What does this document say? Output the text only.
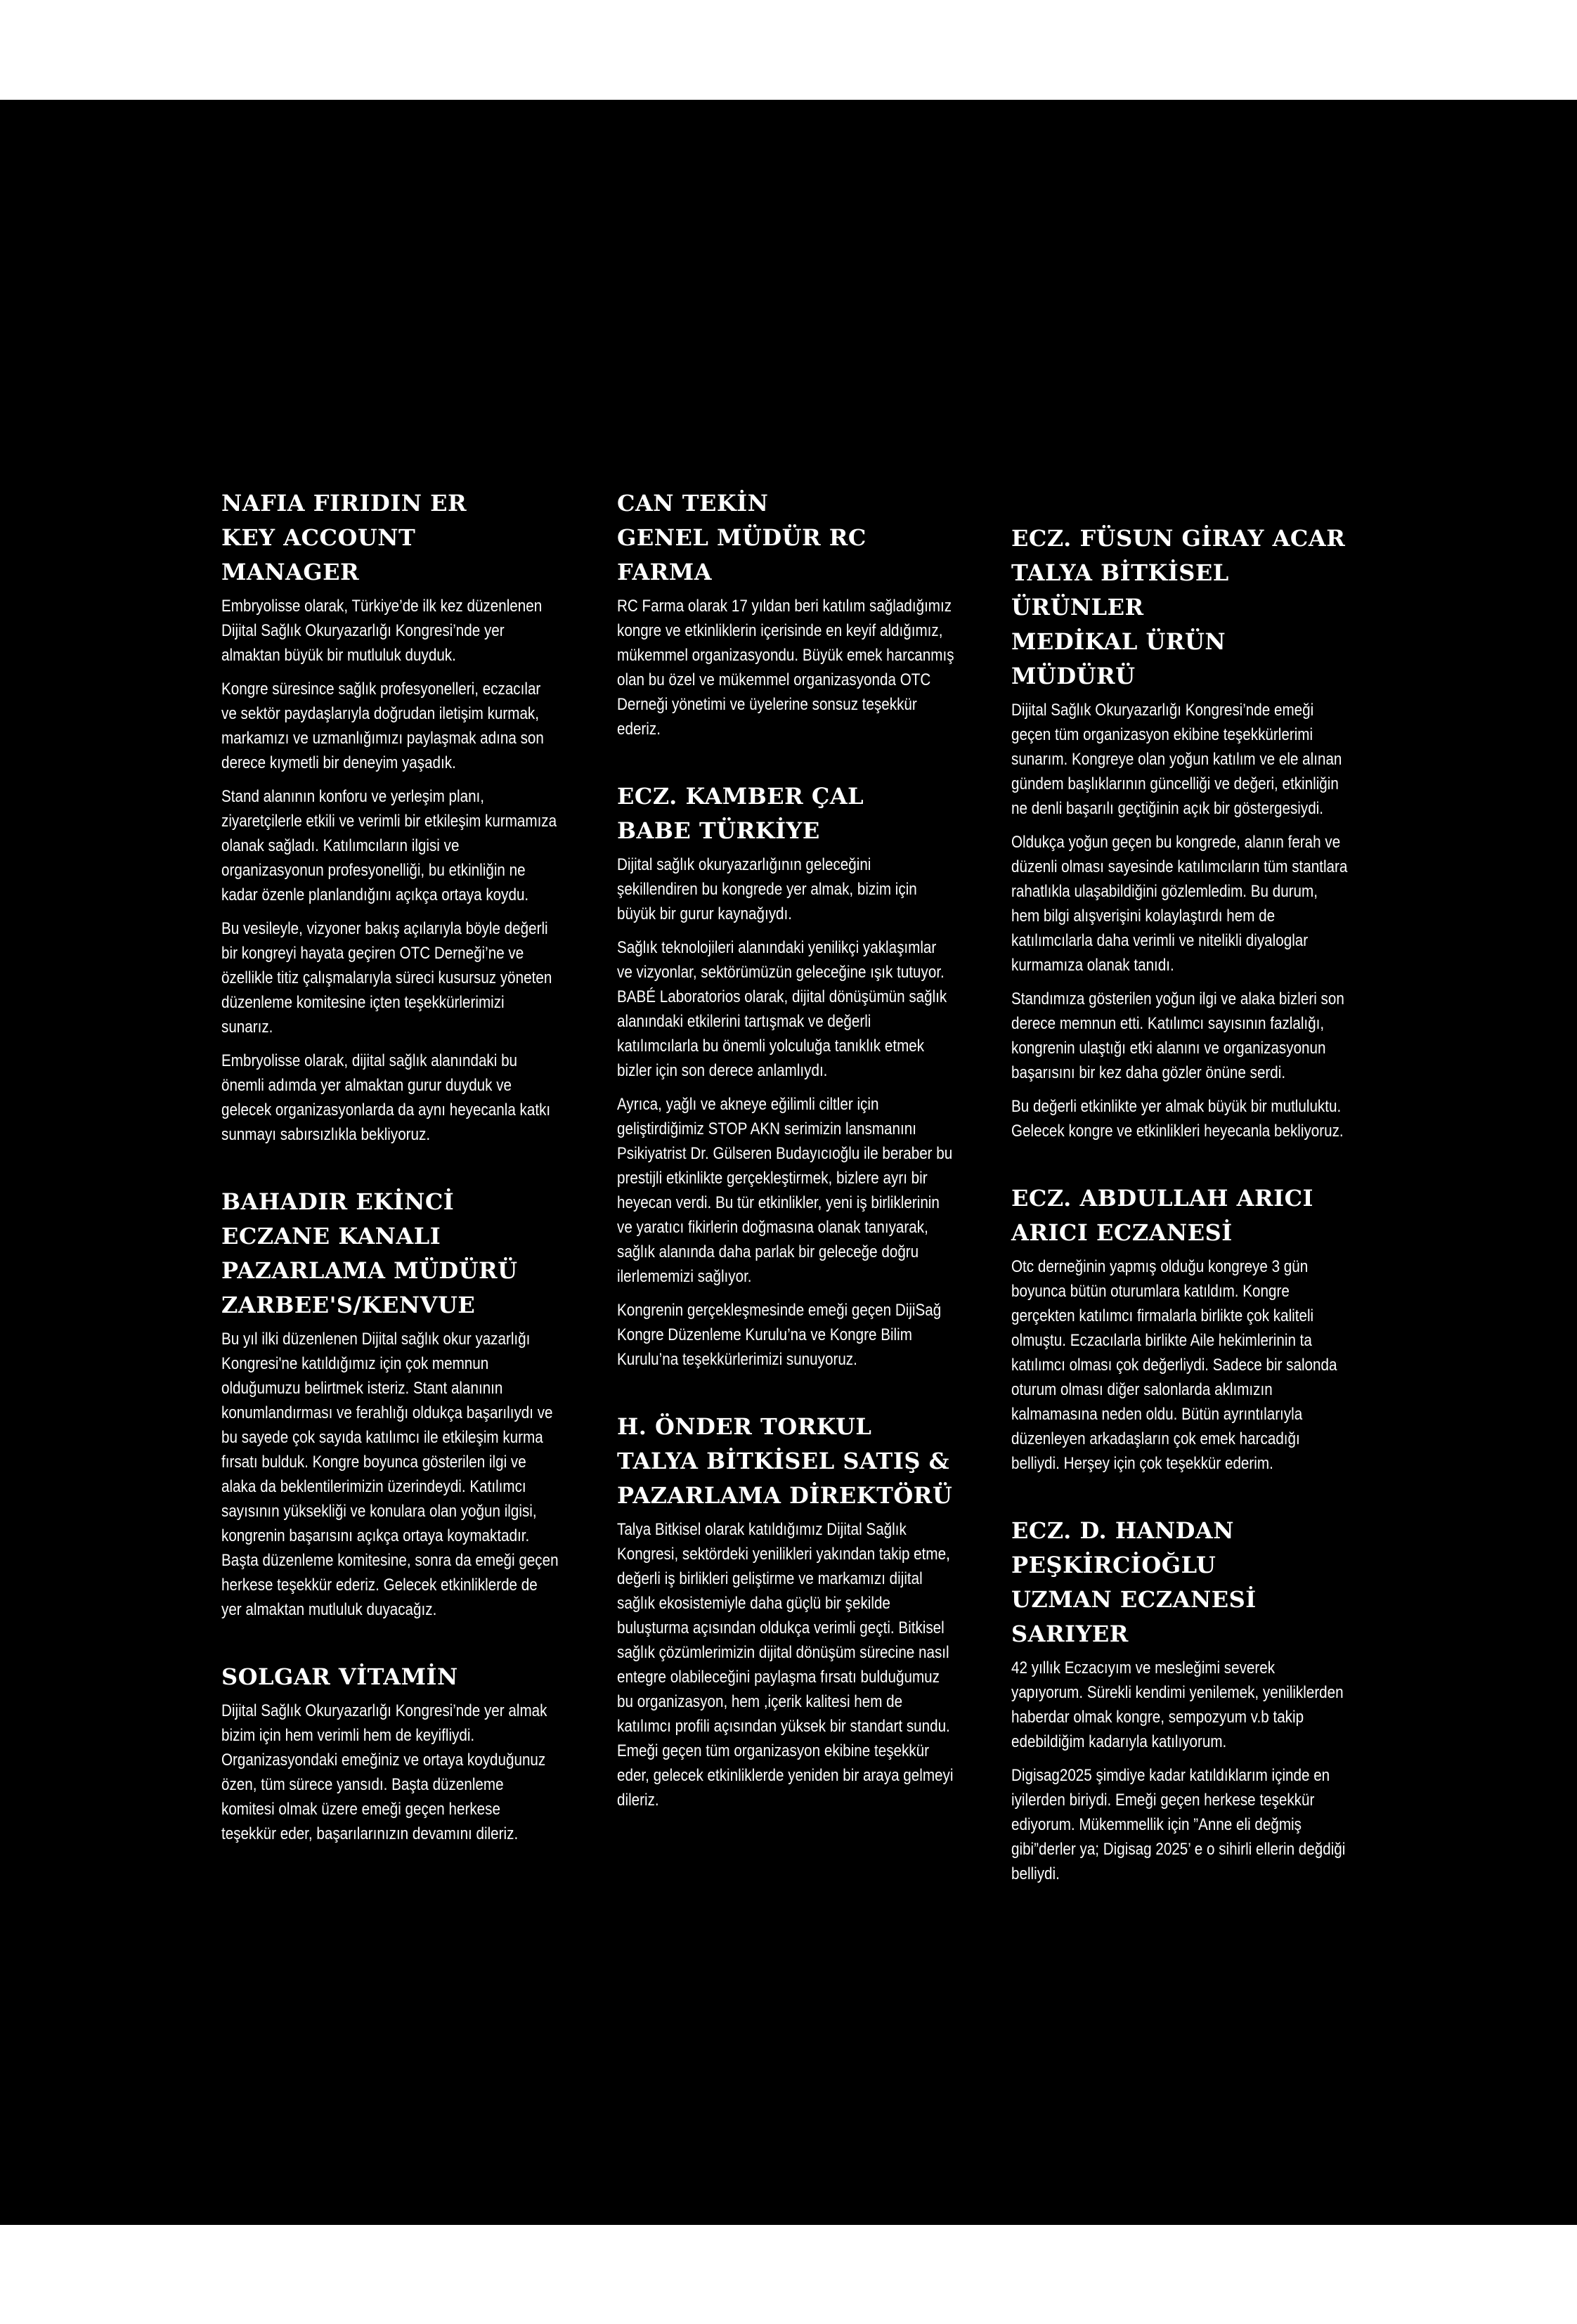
NAFIA FIRIDIN ER
KEY ACCOUNT MANAGER

Embryolisse olarak, Türkiye’de ilk kez düzenlenen Dijital Sağlık Okuryazarlığı Kongresi’nde yer almaktan büyük bir mutluluk duyduk.

Kongre süresince sağlık profesyonelleri, eczacılar ve sektör paydaşlarıyla doğrudan iletişim kurmak, markamızı ve uzmanlığımızı paylaşmak adına son derece kıymetli bir deneyim yaşadık.

Stand alanının konforu ve yerleşim planı, ziyaretçilerle etkili ve verimli bir etkileşim kurmamıza olanak sağladı. Katılımcıların ilgisi ve organizasyonun profesyonelliği, bu etkinliğin ne kadar özenle planlandığını açıkça ortaya koydu.

Bu vesileyle, vizyoner bakış açılarıyla böyle değerli bir kongreyi hayata geçiren OTC Derneği’ne ve özellikle titiz çalışmalarıyla süreci kusursuz yöneten düzenleme komitesine içten teşekkürlerimizi sunarız.

Embryolisse olarak, dijital sağlık alanındaki bu önemli adımda yer almaktan gurur duyduk ve gelecek organizasyonlarda da aynı heyecanla katkı sunmayı sabırsızlıkla bekliyoruz.

BAHADIR EKİNCİ
ECZANE KANALI
PAZARLAMA MÜDÜRÜ
ZARBEE'S/KENVUE

Bu yıl ilki düzenlenen Dijital sağlık okur yazarlığı Kongresi'ne katıldığımız için çok memnun olduğumuzu belirtmek isteriz. Stant alanının konumlandırması ve ferahlığı oldukça başarılıydı ve bu sayede çok sayıda katılımcı ile etkileşim kurma fırsatı bulduk. Kongre boyunca gösterilen ilgi ve alaka da beklentilerimizin üzerindeydi. Katılımcı sayısının yüksekliği ve konulara olan yoğun ilgisi, kongrenin başarısını açıkça ortaya koymaktadır. Başta düzenleme komitesine, sonra da emeği geçen herkese teşekkür ederiz. Gelecek etkinliklerde de yer almaktan mutluluk duyacağız.

SOLGAR VİTAMİN

Dijital Sağlık Okuryazarlığı Kongresi’nde yer almak bizim için hem verimli hem de keyifliydi. Organizasyondaki emeğiniz ve ortaya koyduğunuz özen, tüm sürece yansıdı. Başta düzenleme komitesi olmak üzere emeği geçen herkese teşekkür eder, başarılarınızın devamını dileriz.

CAN TEKİN
GENEL MÜDÜR RC
FARMA

RC Farma olarak 17 yıldan beri katılım sağladığımız kongre ve etkinliklerin içerisinde en keyif aldığımız, mükemmel organizasyondu. Büyük emek harcanmış olan bu özel ve mükemmel organizasyonda OTC Derneği yönetimi ve üyelerine sonsuz teşekkür ederiz.

ECZ. KAMBER ÇAL
BABE TÜRKİYE

Dijital sağlık okuryazarlığının geleceğini şekillendiren bu kongrede yer almak, bizim için büyük bir gurur kaynağıydı.

Sağlık teknolojileri alanındaki yenilikçi yaklaşımlar ve vizyonlar, sektörümüzün geleceğine ışık tutuyor. BABÉ Laboratorios olarak, dijital dönüşümün sağlık alanındaki etkilerini tartışmak ve değerli katılımcılarla bu önemli yolculuğa tanıklık etmek bizler için son derece anlamlıydı.

Ayrıca, yağlı ve akneye eğilimli ciltler için geliştirdiğimiz STOP AKN serimizin lansmanını Psikiyatrist Dr. Gülseren Budayıcıoğlu ile beraber bu prestijli etkinlikte gerçekleştirmek, bizlere ayrı bir heyecan verdi. Bu tür etkinlikler, yeni iş birliklerinin ve yaratıcı fikirlerin doğmasına olanak tanıyarak, sağlık alanında daha parlak bir geleceğe doğru ilerlememizi sağlıyor.

Kongrenin gerçekleşmesinde emeği geçen DijiSağ Kongre Düzenleme Kurulu’na ve Kongre Bilim Kurulu’na teşekkürlerimizi sunuyoruz.

H. ÖNDER TORKUL
TALYA BİTKİSEL SATIŞ &
PAZARLAMA DİREKTÖRÜ

Talya Bitkisel olarak katıldığımız Dijital Sağlık Kongresi, sektördeki yenilikleri yakından takip etme, değerli iş birlikleri geliştirme ve markamızı dijital sağlık ekosistemiyle daha güçlü bir şekilde buluşturma açısından oldukça verimli geçti. Bitkisel sağlık çözümlerimizin dijital dönüşüm sürecine nasıl entegre olabileceğini paylaşma fırsatı bulduğumuz bu organizasyon, hem ,içerik kalitesi hem de katılımcı profili açısından yüksek bir standart sundu. Emeği geçen tüm organizasyon ekibine teşekkür eder, gelecek etkinliklerde yeniden bir araya gelmeyi dileriz.

ECZ. FÜSUN GİRAY ACAR
TALYA BİTKİSEL ÜRÜNLER
MEDİKAL ÜRÜN MÜDÜRÜ

Dijital Sağlık Okuryazarlığı Kongresi’nde emeği geçen tüm organizasyon ekibine teşekkürlerimi sunarım. Kongreye olan yoğun katılım ve ele alınan gündem başlıklarının güncelliği ve değeri, etkinliğin ne denli başarılı geçtiğinin açık bir göstergesiydi.

Oldukça yoğun geçen bu kongrede, alanın ferah ve düzenli olması sayesinde katılımcıların tüm stantlara rahatlıkla ulaşabildiğini gözlemledim. Bu durum, hem bilgi alışverişini kolaylaştırdı hem de katılımcılarla daha verimli ve nitelikli diyaloglar kurmamıza olanak tanıdı.

Standımıza gösterilen yoğun ilgi ve alaka bizleri son derece memnun etti. Katılımcı sayısının fazlalığı, kongrenin ulaştığı etki alanını ve organizasyonun başarısını bir kez daha gözler önüne serdi.

Bu değerli etkinlikte yer almak büyük bir mutluluktu. Gelecek kongre ve etkinlikleri heyecanla bekliyoruz.

ECZ. ABDULLAH ARICI
ARICI ECZANESİ

Otc derneğinin yapmış olduğu kongreye 3 gün boyunca bütün oturumlara katıldım. Kongre gerçekten katılımcı firmalarla birlikte çok kaliteli olmuştu. Eczacılarla birlikte Aile hekimlerinin ta katılımcı olması çok değerliydi. Sadece bir salonda oturum olması diğer salonlarda aklımızın kalmamasına neden oldu. Bütün ayrıntılarıyla düzenleyen arkadaşların çok emek harcadığı belliydi. Herşey için çok teşekkür ederim.

ECZ. D. HANDAN
PEŞKİRCİOĞLU
UZMAN ECZANESİ
SARIYER

42 yıllık Eczacıyım ve mesleğimi severek yapıyorum. Sürekli kendimi yenilemek, yeniliklerden haberdar olmak kongre, sempozyum v.b takip edebildiğim kadarıyla katılıyorum.

Digisag2025 şimdiye kadar katıldıklarım içinde en iyilerden biriydi. Emeği geçen herkese teşekkür ediyorum. Mükemmellik için ”Anne eli değmiş gibi”derler ya; Digisag 2025’ e o sihirli ellerin değdiği belliydi.
